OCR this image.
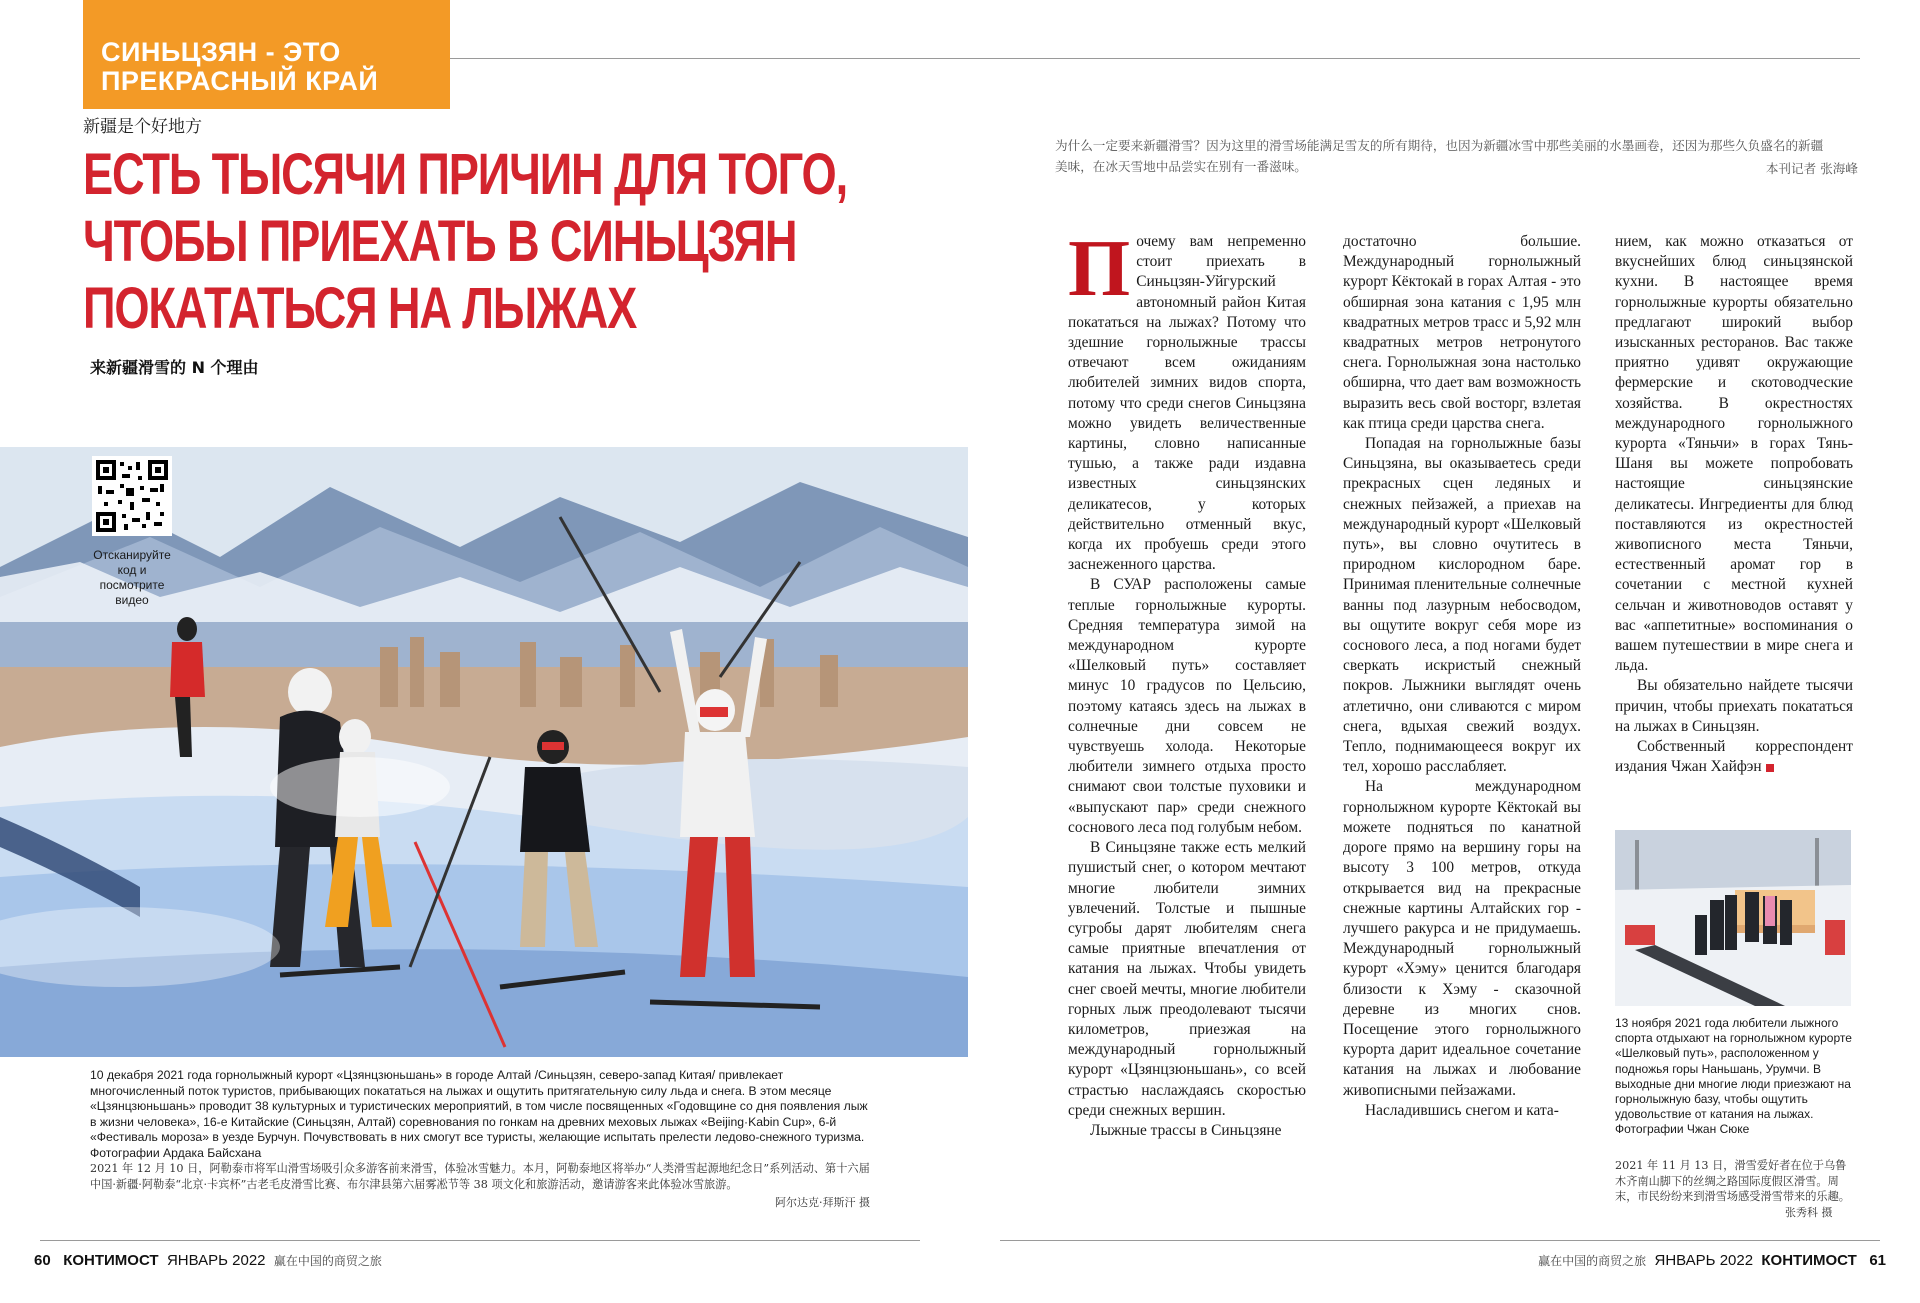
СИНЬЦЗЯН - ЭТО
ПРЕКРАСНЫЙ КРАЙ
新疆是个好地方
ЕСТЬ ТЫСЯЧИ ПРИЧИН ДЛЯ ТОГО,
ЧТОБЫ ПРИЕХАТЬ В СИНЬЦЗЯН
ПОКАТАТЬСЯ НА ЛЫЖАХ
来新疆滑雪的 N 个理由
Отсканируйте код и посмотрите видео

10 декабря 2021 года горнолыжный курорт «Цзянцзюньшань» в городе Алтай /Синьцзян, северо-запад Китая/ привлекает многочисленный поток туристов, прибывающих покататься на лыжах и ощутить притягательную силу льда и снега. В этом месяце «Цзянцзюньшань» проводит 38 культурных и туристических мероприятий, в том числе посвященных «Годовщине со дня появления лыж в жизни человека», 16-е Китайские (Синьцзян, Алтай) соревнования по гонкам на древних меховых лыжах «Beijing·Kabin Cup», 6-й «Фестиваль мороза» в уезде Бурчун. Почувствовать в них смогут все туристы, желающие испытать прелести ледово-снежного туризма. Фотографии Ардака Байсхана

2021 年 12 月 10 日，阿勒泰市将军山滑雪场吸引众多游客前来滑雪，体验冰雪魅力。本月，阿勒泰地区将举办“人类滑雪起源地纪念日”系列活动、第十六届中国·新疆·阿勒泰“北京·卡宾杯”古老毛皮滑雪比赛、布尔津县第六届雾凇节等 38 项文化和旅游活动，邀请游客来此体验冰雪旅游。

阿尔达克·拜斯汗 摄
60 КОНТИМОСТ ЯНВАРЬ 2022 赢在中国的商贸之旅

为什么一定要来新疆滑雪？因为这里的滑雪场能满足雪友的所有期待，也因为新疆冰雪中那些美丽的水墨画卷，还因为那些久负盛名的新疆美味，在冰天雪地中品尝实在别有一番滋味。	本刊记者 张海峰

Почему вам непременно стоит приехать в Синьцзян-Уйгурский автономный район Китая покататься на лыжах? Потому что здешние горнолыжные трассы отвечают всем ожиданиям любителей зимних видов спорта, потому что среди снегов Синьцзяна можно увидеть величественные картины, словно написанные тушью, а также ради издавна известных синьцзянских деликатесов, у которых действительно отменный вкус, когда их пробуешь среди этого заснеженного царства.

В СУАР расположены самые теплые горнолыжные курорты. Средняя температура зимой на международном курорте «Шелковый путь» составляет минус 10 градусов по Цельсию, поэтому катаясь здесь на лыжах в солнечные дни совсем не чувствуешь холода. Некоторые любители зимнего отдыха просто снимают свои толстые пуховики и «выпускают пар» среди снежного соснового леса под голубым небом.

В Синьцзяне также есть мелкий пушистый снег, о котором мечтают многие любители зимних увлечений. Толстые и пышные сугробы дарят любителям снега самые приятные впечатления от катания на лыжах. Чтобы увидеть снег своей мечты, многие любители горных лыж преодолевают тысячи километров, приезжая на международный горнолыжный курорт «Цзянцзюньшань», со всей страстью наслаждаясь скоростью среди снежных вершин.

Лыжные трассы в Синьцзяне

достаточно большие. Международный горнолыжный курорт Кёктокай в горах Алтая - это обширная зона катания с 1,95 млн квадратных метров трасс и 5,92 млн квадратных метров нетронутого снега. Горнолыжная зона настолько обширна, что дает вам возможность выразить весь свой восторг, взлетая как птица среди царства снега.

Попадая на горнолыжные базы Синьцзяна, вы оказываетесь среди прекрасных сцен ледяных и снежных пейзажей, а приехав на международный курорт «Шелковый путь», вы словно очутитесь в природном кислородном баре. Принимая пленительные солнечные ванны под лазурным небосводом, вы ощутите вокруг себя море из соснового леса, а под ногами будет сверкать искристый снежный покров. Лыжники выглядят очень атлетично, они сливаются с миром снега, вдыхая свежий воздух. Тепло, поднимающееся вокруг их тел, хорошо расслабляет.

На международном горнолыжном курорте Кёктокай вы можете подняться по канатной дороге прямо на вершину горы на высоту 3 100 метров, откуда открывается вид на прекрасные снежные картины Алтайских гор - лучшего ракурса и не придумаешь. Международный горнолыжный курорт «Хэму» ценится благодаря близости к Хэму - сказочной деревне из многих снов. Посещение этого горнолыжного курорта дарит идеальное сочетание катания на лыжах и любование живописными пейзажами.

Насладившись снегом и ката-

нием, как можно отказаться от вкуснейших блюд синьцзянской кухни. В настоящее время горнолыжные курорты обязательно предлагают широкий выбор изысканных ресторанов. Вас также приятно удивят окружающие фермерские и скотоводческие хозяйства. В окрестностях международного горнолыжного курорта «Тяньчи» в горах Тянь-Шаня вы можете попробовать настоящие синьцзянские деликатесы. Ингредиенты для блюд поставляются из окрестностей живописного места Тяньчи, естественный аромат гор в сочетании с местной кухней сельчан и животноводов оставят у вас «аппетитные» воспоминания о вашем путешествии в мире снега и льда.

Вы обязательно найдете тысячи причин, чтобы приехать покататься на лыжах в Синьцзян.

Собственный корреспондент издания Чжан Хайфэн

赢在中国的商贸之旅 ЯНВАРЬ 2022 КОНТИМОСТ 61

13 ноября 2021 года любители лыжного спорта отдыхают на горнолыжном курорте «Шелковый путь», расположенном у подножья горы Наньшань, Урумчи. В выходные дни многие люди приезжают на горнолыжную базу, чтобы ощутить удовольствие от катания на лыжах. Фотографии Чжан Сюке

2021 年 11 月 13 日，滑雪爱好者在位于乌鲁木齐南山脚下的丝绸之路国际度假区滑雪。周末，市民纷纷来到滑雪场感受滑雪带来的乐趣。

张秀科 摄
